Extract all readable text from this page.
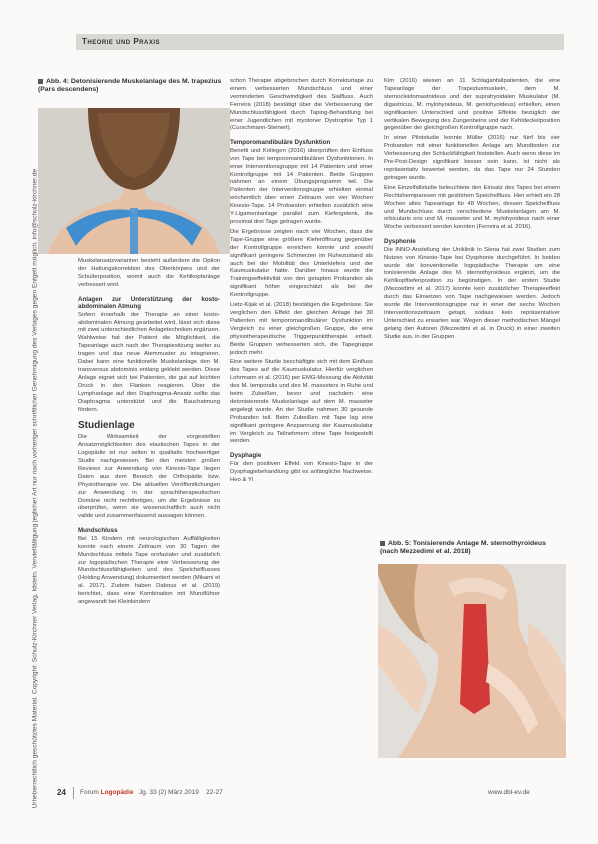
Theorie und Praxis
Urheberrechtlich geschütztes Material. Copyright: Schulz-Kirchner Verlag, Idstein. Vervielfältigung jeglicher Art nur nach vorheriger schriftlicher Genehmigung des Verlages gegen Entgelt möglich. info@schulz-kirchner.de
Abb. 4: Detonisierende Muskelanlage des M. trapezius
(Pars descendens)

Muskelansatzvarianten besteht außerdem die Option der Haltungskorrektion des Oberkörpers und der Schulterposition, womit auch die Kehlkopfanlage verbessert wird.

Anlagen zur Unterstützung der kosto-abdominalen Atmung

Sofern innerhalb der Therapie an einer kosto-abdominalen Atmung gearbeitet wird, lässt sich diese mit zwei unterschiedlichen Anlagetechniken ergänzen. Wahlweise hat der Patient die Möglichkeit, die Tapeanlage auch nach der Therapiesitzung weiter zu tragen und das neue Atemmuster zu integrieren. Dabei kann eine funktionelle Muskelanlage den M. transversus abdominis entlang geklebt werden. Diese Anlage eignet sich bei Patienten, die gut auf leichten Druck in den Flanken reagieren. Über die Lymphanlage auf den Diaphragma-Ansatz sollte das Diaphragma unterstützt und die Bauchatmung fördern.

Studienlage

Die Wirksamkeit der vorgestellten Ansatzmöglichkeiten des elastischen Tapes in der Logopädie ist nur selten in qualitativ hochwertiger Studie nachgewiesen. Bei den meisten großen Reviews zur Anwendung von Kinesio-Tape liegen Daten aus dem Bereich der Orthopädie bzw. Physiotherapie vor. Die aktuellen Veröffentlichungen zur Anwendung in der sprachtherapeutischen Domäne nicht rechtfertigen, um die Ergebnisse zu überprüfen, wenn sie wissenschaftlich auch nicht valide und zusammenfassend aussagen können.

Mundschluss

Bei 15 Kindern mit neurologischen Auffälligkeiten konnte nach einem Zeitraum von 30 Tagen der Mundschluss mittels Tape orofazialer und zusätzlich zur logopädischen Therapie eine Verbesserung der Mundschlussfähigkeiten und des Speichelflusses (Holding Anwendung) dokumentiert werden (Mikami et al. 2017). Zudem haben Dabous et al. (2019) berichtet, dass eine Kombination mit Mundführer angewandt bei Kleinkindern

schon Therapie abgebrochen durch Korrekturtape zu einem verbesserten Mundschluss und einer verminderten Geschwindigkeit des Sialfluss. Auch Ferreira (2018) bestätigt über die Verbesserung der Mundschlussfähigkeit durch Taping-Behandlung bei einer Jugendlichen mit myotoner Dystrophie Typ 1 (Curschmann-Steinert).

Temporomandibuläre Dysfunktion

Benetti und Kollegen (2016) überprüften den Einfluss von Tape bei temporomandibulären Dysfunktionen. In einer Interventionsgruppe mit 14 Patienten und einer Kontrollgruppe mit 14 Patienten. Beide Gruppen nahmen an einem Übungsprogramm teil. Die Patienten der Interventionsgruppe erhielten einmal wöchentlich über einen Zeitraum von vier Wochen Kinesio-Tape. 14 Probanden erhielten zusätzlich eine Y-Ligamentanlage parallel zum Kiefergelenk, die proximal drei Tage getragen wurde.

Die Ergebnisse zeigten nach vier Wochen, dass die Tape-Gruppe eine größere Kieferöffnung gegenüber der Kontrollgruppe erreichen konnte und sowohl signifikant geringere Schmerzen im Ruhezustand als auch bei der Mobilität des Unterkiefers und der Kaumuskulatur hatte. Darüber hinaus wurde die Trainingseffektivität von den getapten Probanden als signifikant höher eingeschätzt als bei der Kontrollgruppe.

Lietz-Kijak et al. (2018) bestätigen die Ergebnisse. Sie verglichen den Effekt der gleichen Anlage bei 30 Patienten mit temporomandibulärer Dysfunktion im Vergleich zu einer gleichgroßen Gruppe, die eine physiotherapeutische Triggerpunkttherapie erhielt. Beide Gruppen verbesserten sich, die Tapegruppe jedoch mehr.

Eine weitere Studie beschäftigte sich mit dem Einfluss des Tapes auf die Kaumuskulatur. Hierfür verglichen Lohrmann et al. (2016) per EMG-Messung die Aktivität des M. temporalis und des M. masseters in Ruhe und beim Zubeißen, bevor und nachdem eine detonisierende Muskelanlage auf dem M. masseter angelegt wurde. An der Studie nahmen 30 gesunde Probanden teil. Beim Zubeißen mit Tape lag eine signifikant geringere Anspannung der Kaumuskulatur im Vergleich zu Teilnehmern ohne Tape festgestellt werden.

Dysphagie

Für den positiven Effekt von Kinesio-Tape in der Dysphagiebehandlung gibt es anfängliche Nachweise. Heo & Yi

Kim (2016) wiesen an 11 Schlaganfallpatienten, die eine Tapeanlage der Trapeziusmuskeln, dem M. sternocleidomastoideus und der suprahyoidalen Muskulatur (M. digastricus, M. mylohyoideus, M. geniohyoideus) erhielten, einen signifikanten Unterschied und positive Effekte bezüglich der vertikalen Bewegung des Zungenbeins und der Kehldeckelposition gegenüber der gleichgroßen Kontrollgruppe nach.

In einer Pilotstudie konnte Müller (2016) nur fünf bis vier Probanden mit einer funktionellen Anlage am Mundboden zur Verbesserung der Schluckfähigkeit feststellen. Auch wenn diese im Pre-Post-Design signifikant besser sein kann, ist nicht als repräsentativ bewertet werden, da das Tape nur 24 Stunden getragen wurde.

Eine Einzelfallstudie beleuchtete den Einsatz des Tapes bei einem Rechtshemiparesen mit gestörtem Speichelfluss. Hier erhielt ein 28 Wochen altes Tapeanlage für 48 Wochen, dessen Speichelfluss und Mundschluss durch verschiedene Muskelanlagen am M. orbicularis oris und M. masseter und M. mylohyoideus nach einer Woche verbessert werden konnten (Ferreira et al. 2016).

Dysphonie

Die INNO-Anstellung der Uniklinik in Siena hat zwei Studien zum Nutzen von Kinesio-Tape bei Dysphonie durchgeführt. In beiden wurde die konventionelle logopädische Therapie um eine tonisierende Anlage des M. sternothyroideus ergänzt, um die Kehlkopftiefenposition zu begünstigen. In der ersten Studie (Mezzedimi et al. 2017) konnte kein zusätzlicher Therapieeffekt durch das Einsetzen von Tape nachgewiesen werden. Jedoch wurde die Interventionsgruppe nur in einer der sechs Wochen Interventionszeitraum getapt, sodass kein repräsentativer Unterschied zu erwarten war. Wegen dieser methodischen Mängel gelang den Autoren (Mezzedimi et al. in Druck) in einer zweiten Studie aus, in der Gruppen

Abb. 5: Tonisierende Anlage M. sternothyroideus
(nach Mezzedimi et al. 2018)
24 Forum Logopädie Jg. 33 (2) März 2019 22-27	www.dbl-ev.de
